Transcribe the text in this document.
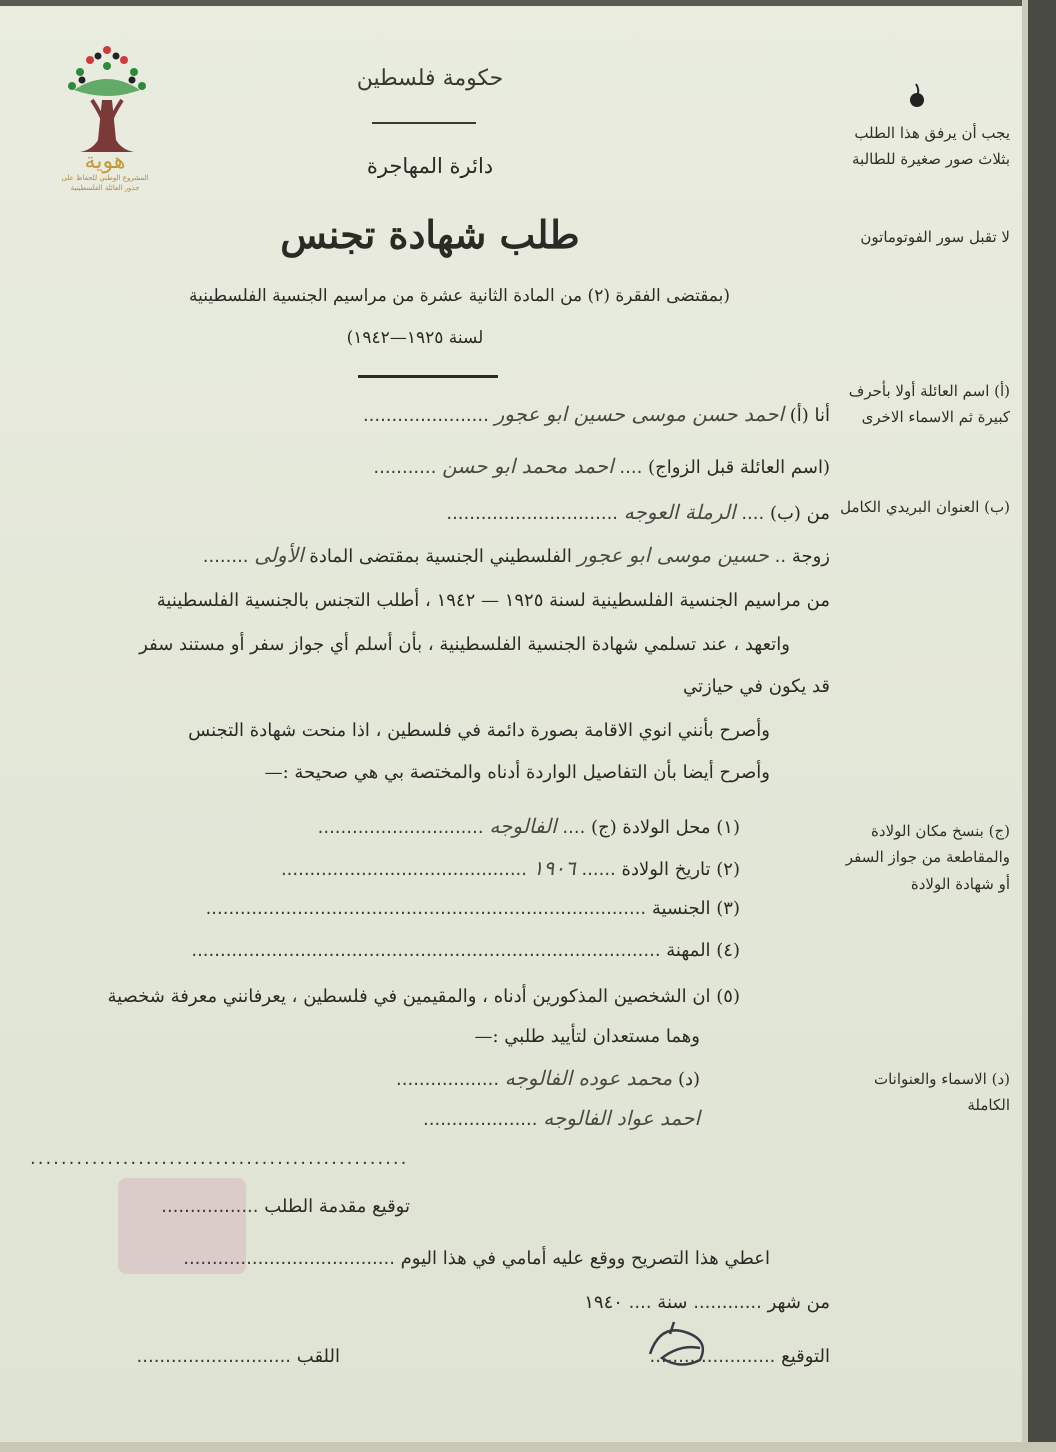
هوية
المشروع الوطني للحفاظ على
جذور العائلة الفلسطينية
حكومة فلسطين
دائرة المهاجرة
طلب شهادة تجنس
(بمقتضى الفقرة (٢) من المادة الثانية عشرة من مراسيم الجنسية الفلسطينية
لسنة ١٩٢٥—١٩٤٢)
يجب أن يرفق هذا الطلب بثلاث صور صغيرة للطالبة
لا تقبل سور الفوتوماتون
(أ) اسم العائلة أولا بأحرف كبيرة ثم الاسماء الاخرى
(ب) العنوان البريدي الكامل
(ج) بنسخ مكان الولادة والمقاطعة من جواز السفر أو شهادة الولادة
(د) الاسماء والعنوانات الكاملة
أنا (أ) احمد حسن موسى حسين ابو عجور ......................
(اسم العائلة قبل الزواج) .... احمد محمد ابو حسن ...........
من (ب) .... الرملة العوجه ..............................
زوجة .. حسين موسى ابو عجور الفلسطيني الجنسية بمقتضى المادة الأولى ........
من مراسيم الجنسية الفلسطينية لسنة ١٩٢٥ — ١٩٤٢ ، أطلب التجنس بالجنسية الفلسطينية
واتعهد ، عند تسلمي شهادة الجنسية الفلسطينية ، بأن أسلم أي جواز سفر أو مستند سفر
قد يكون في حيازتي
وأصرح بأنني انوي الاقامة بصورة دائمة في فلسطين ، اذا منحت شهادة التجنس
وأصرح أيضا بأن التفاصيل الواردة أدناه والمختصة بي هي صحيحة :—
(١) محل الولادة (ج) .... الفالوجه .............................
(٢) تاريخ الولادة ...... ١٩٠٦ ...........................................
(٣) الجنسية .............................................................................
(٤) المهنة ..................................................................................
(٥) ان الشخصين المذكورين أدناه ، والمقيمين في فلسطين ، يعرفانني معرفة شخصية
وهما مستعدان لتأييد طلبي :—
(د) محمد عوده الفالوجه ..................
احمد عواد الفالوجه ....................
.................................................
توقيع مقدمة الطلب .................
اعطي هذا التصريح ووقع عليه أمامي في هذا اليوم .....................................
من شهر ............ سنة .... ١٩٤٠
التوقيع ......................
اللقب ...........................
